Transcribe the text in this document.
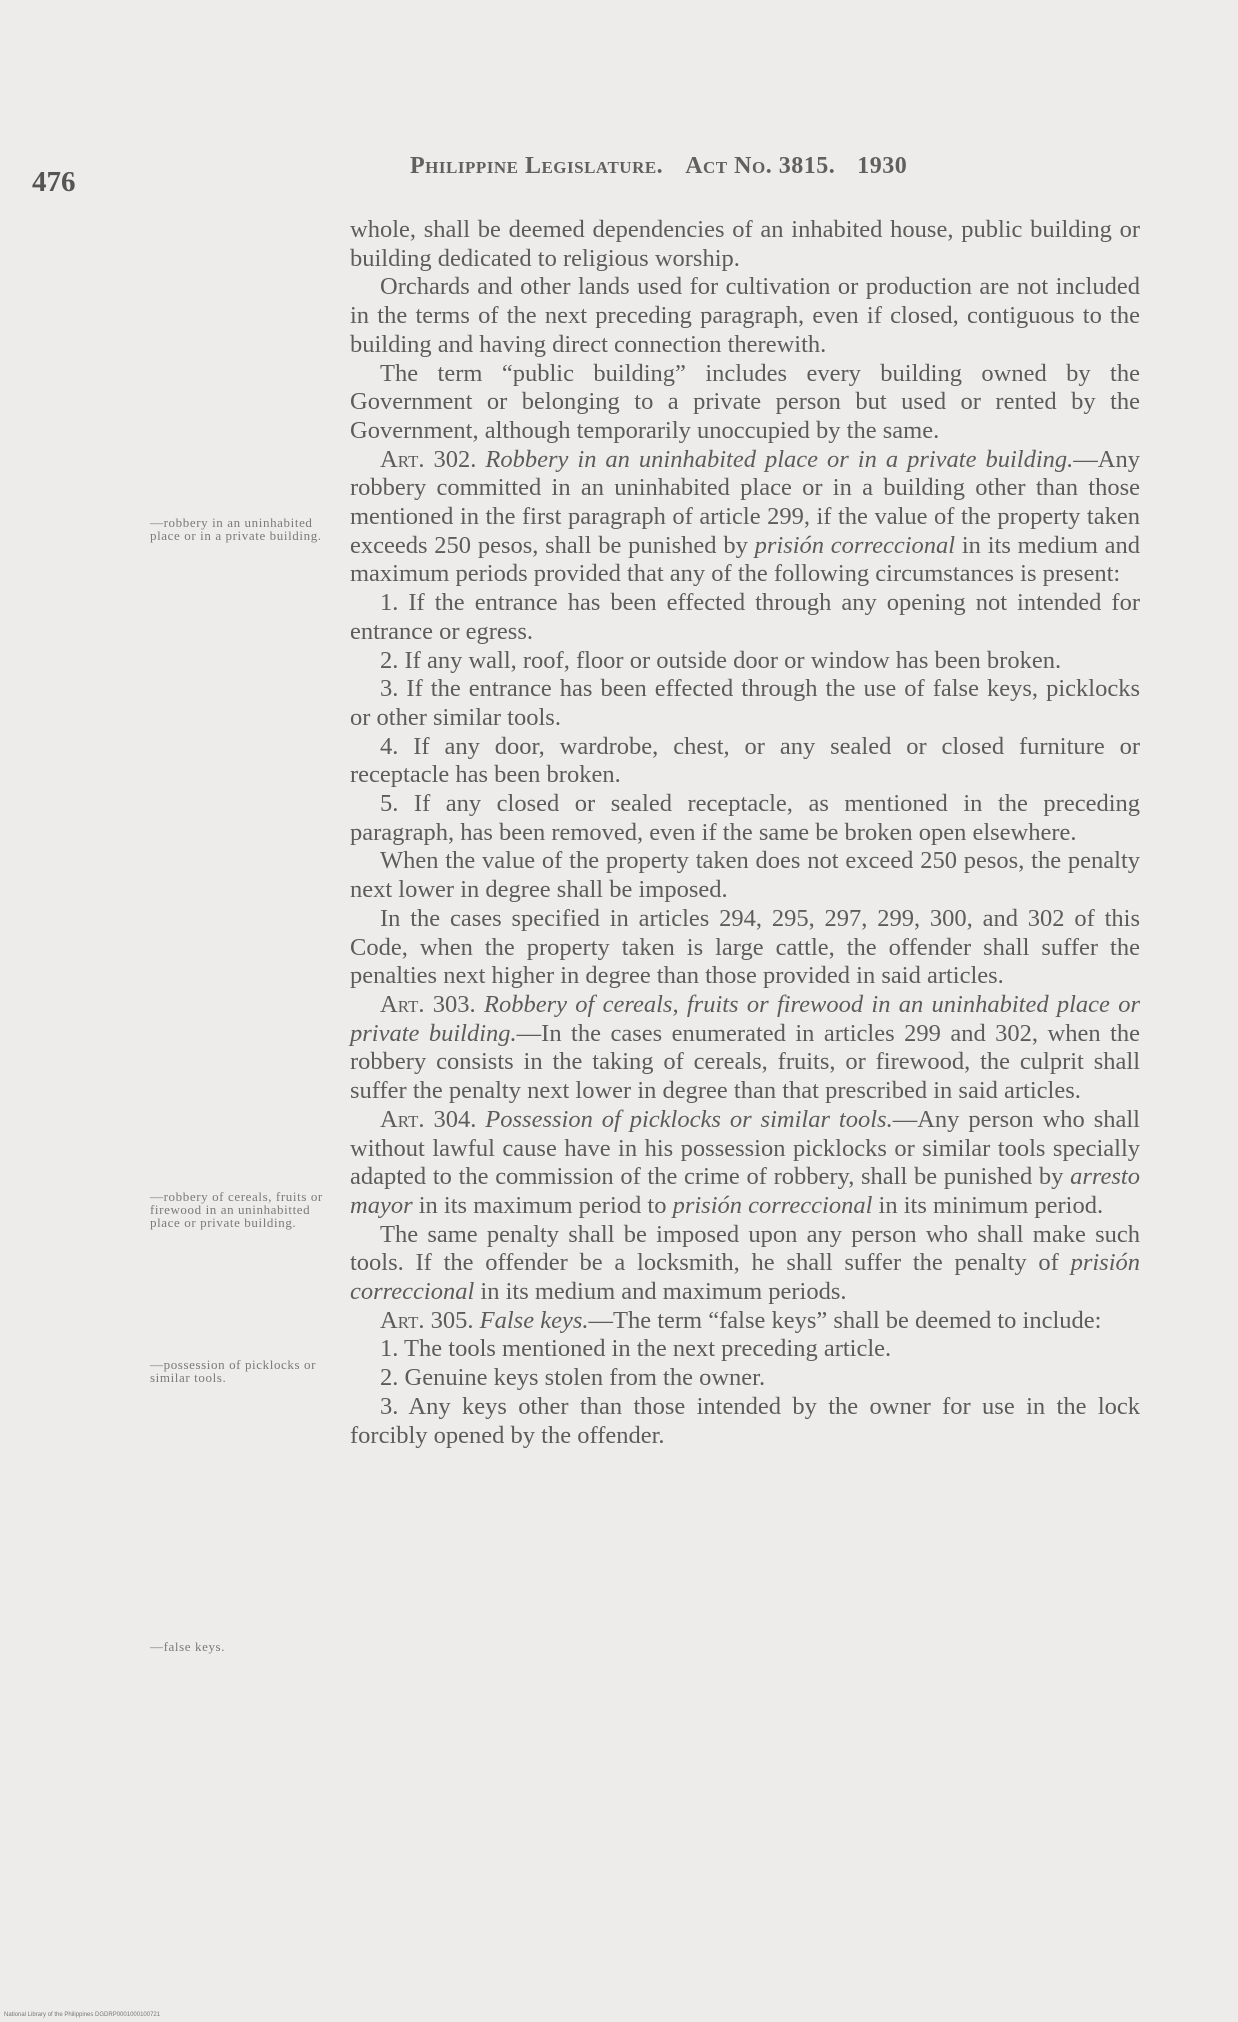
476	Philippine Legislature. Act No. 3815. 1930
—robbery in an uninhabited place or in a private building.
—robbery of cereals, fruits or firewood in an uninhabitted place or private building.
—possession of picklocks or similar tools.
—false keys.

whole, shall be deemed dependencies of an inhabited house, public building or building dedicated to religious worship.

Orchards and other lands used for cultivation or production are not included in the terms of the next preceding paragraph, even if closed, contiguous to the building and having direct connection therewith.

The term “public building” includes every building owned by the Government or belonging to a private person but used or rented by the Government, although temporarily unoccupied by the same.

Art. 302. Robbery in an uninhabited place or in a private building.—Any robbery committed in an uninhabited place or in a building other than those mentioned in the first paragraph of article 299, if the value of the property taken exceeds 250 pesos, shall be punished by prisión correccional in its medium and maximum periods provided that any of the following circumstances is present:

1. If the entrance has been effected through any opening not intended for entrance or egress.

2. If any wall, roof, floor or outside door or window has been broken.

3. If the entrance has been effected through the use of false keys, picklocks or other similar tools.

4. If any door, wardrobe, chest, or any sealed or closed furniture or receptacle has been broken.

5. If any closed or sealed receptacle, as mentioned in the preceding paragraph, has been removed, even if the same be broken open elsewhere.

When the value of the property taken does not exceed 250 pesos, the penalty next lower in degree shall be imposed.

In the cases specified in articles 294, 295, 297, 299, 300, and 302 of this Code, when the property taken is large cattle, the offender shall suffer the penalties next higher in degree than those provided in said articles.

Art. 303. Robbery of cereals, fruits or firewood in an uninhabited place or private building.—In the cases enumerated in articles 299 and 302, when the robbery consists in the taking of cereals, fruits, or firewood, the culprit shall suffer the penalty next lower in degree than that prescribed in said articles.

Art. 304. Possession of picklocks or similar tools.—Any person who shall without lawful cause have in his possession picklocks or similar tools specially adapted to the commission of the crime of robbery, shall be punished by arresto mayor in its maximum period to prisión correccional in its minimum period.

The same penalty shall be imposed upon any person who shall make such tools. If the offender be a locksmith, he shall suffer the penalty of prisión correccional in its medium and maximum periods.

Art. 305. False keys.—The term “false keys” shall be deemed to include:

1. The tools mentioned in the next preceding article.

2. Genuine keys stolen from the owner.

3. Any keys other than those intended by the owner for use in the lock forcibly opened by the offender.

National Library of the Philippines DGDRP0001000100721
